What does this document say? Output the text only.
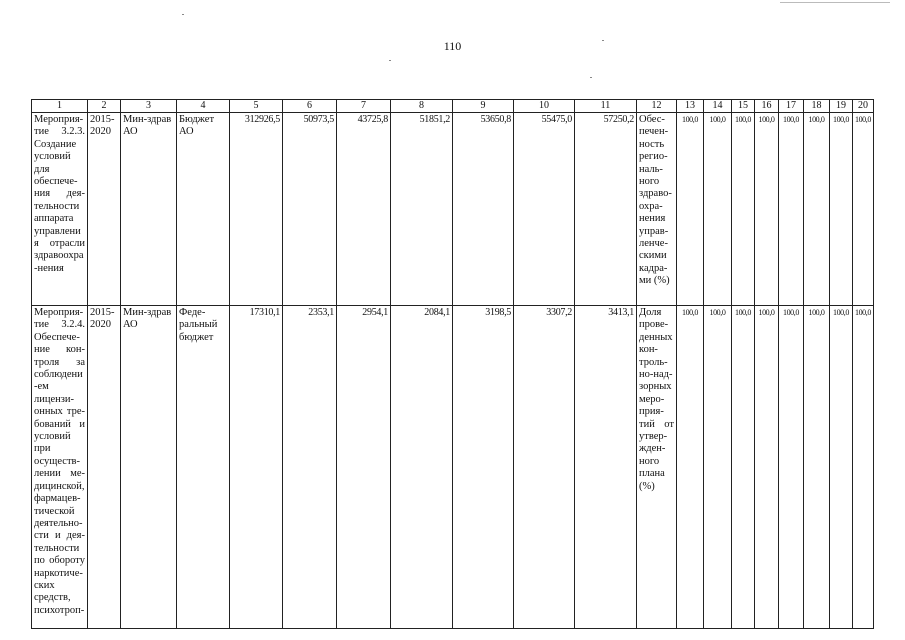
110
1	2	3	4	5	6	7	8	9	10	11	12	13	14	15	16	17	18	19	20
Мероприя-тие 3.2.3. Создание условий для обеспече-ния дея-тельности аппарата управления отрасли здравоохра-нения	2015-2020	Мин-здрав АО	Бюджет АО	312926,5	50973,5	43725,8	51851,2	53650,8	55475,0	57250,2	Обес-печен-ность регио-наль-ного здраво-охра-нения управ-ленче-скими кадра-ми (%)	100,0	100,0	100,0	100,0	100,0	100,0	100,0	100,0
Мероприя-тие 3.2.4. Обеспече-ние кон-троля за соблюдени-ем лицензи-онных тре-бований и условий при осуществ-лении ме-дицинской, фармацев-тической деятельно-сти и дея-тельности по обороту наркотиче-ских средств, психотроп-	2015-2020	Мин-здрав АО	Феде-ральный бюджет	17310,1	2353,1	2954,1	2084,1	3198,5	3307,2	3413,1	Доля прове-денных кон-троль-но-над-зорных меро-прия-тий от утвер-жден-ного плана (%)	100,0	100,0	100,0	100,0	100,0	100,0	100,0	100,0
